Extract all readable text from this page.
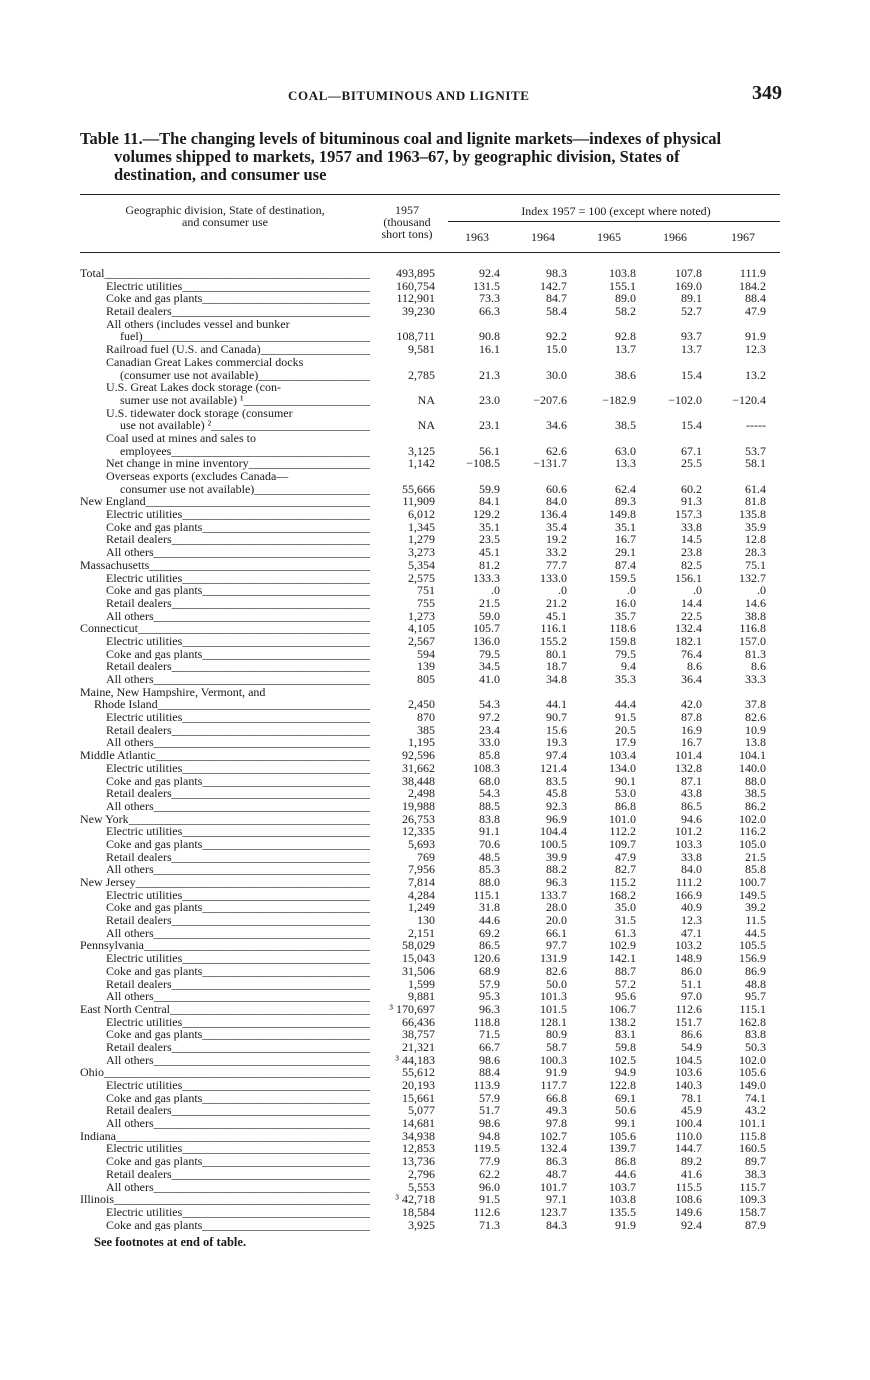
COAL—BITUMINOUS AND LIGNITE	349
Table 11.—The changing levels of bituminous coal and lignite markets—indexes of physical
volumes shipped to markets, 1957 and 1963–67, by geographic division, States of
destination, and consumer use
Geographic division, State of destination,
and consumer use
1957
(thousand
short tons)
Index 1957 = 100 (except where noted)
1963	1964	1965	1966	1967
Total _____	493,895	92.4	98.3	103.8	107.8	111.9
Electric utilities _____	160,754	131.5	142.7	155.1	169.0	184.2
Coke and gas plants _____	112,901	73.3	84.7	89.0	89.1	88.4
Retail dealers _____	39,230	66.3	58.4	58.2	52.7	47.9
All others (includes vessel and bunker
fuel) _____	108,711	90.8	92.2	92.8	93.7	91.9
Railroad fuel (U.S. and Canada) _____	9,581	16.1	15.0	13.7	13.7	12.3
Canadian Great Lakes commercial docks
(consumer use not available) _____	2,785	21.3	30.0	38.6	15.4	13.2
U.S. Great Lakes dock storage (con-
sumer use not available) ¹ _____	NA	23.0	−207.6	−182.9	−102.0	−120.4
U.S. tidewater dock storage (consumer
use not available) ² _____	NA	23.1	34.6	38.5	15.4	-----
Coal used at mines and sales to
employees _____	3,125	56.1	62.6	63.0	67.1	53.7
Net change in mine inventory _____	1,142	−108.5	−131.7	13.3	25.5	58.1
Overseas exports (excludes Canada—
consumer use not available) _____	55,666	59.9	60.6	62.4	60.2	61.4
New England _____	11,909	84.1	84.0	89.3	91.3	81.8
Electric utilities _____	6,012	129.2	136.4	149.8	157.3	135.8
Coke and gas plants _____	1,345	35.1	35.4	35.1	33.8	35.9
Retail dealers _____	1,279	23.5	19.2	16.7	14.5	12.8
All others _____	3,273	45.1	33.2	29.1	23.8	28.3
Massachusetts _____	5,354	81.2	77.7	87.4	82.5	75.1
Electric utilities _____	2,575	133.3	133.0	159.5	156.1	132.7
Coke and gas plants _____	751	.0	.0	.0	.0	.0
Retail dealers _____	755	21.5	21.2	16.0	14.4	14.6
All others _____	1,273	59.0	45.1	35.7	22.5	38.8
Connecticut _____	4,105	105.7	116.1	118.6	132.4	116.8
Electric utilities _____	2,567	136.0	155.2	159.8	182.1	157.0
Coke and gas plants _____	594	79.5	80.1	79.5	76.4	81.3
Retail dealers _____	139	34.5	18.7	9.4	8.6	8.6
All others _____	805	41.0	34.8	35.3	36.4	33.3
Maine, New Hampshire, Vermont, and
Rhode Island _____	2,450	54.3	44.1	44.4	42.0	37.8
Electric utilities _____	870	97.2	90.7	91.5	87.8	82.6
Retail dealers _____	385	23.4	15.6	20.5	16.9	10.9
All others _____	1,195	33.0	19.3	17.9	16.7	13.8
Middle Atlantic _____	92,596	85.8	97.4	103.4	101.4	104.1
Electric utilities _____	31,662	108.3	121.4	134.0	132.8	140.0
Coke and gas plants _____	38,448	68.0	83.5	90.1	87.1	88.0
Retail dealers _____	2,498	54.3	45.8	53.0	43.8	38.5
All others _____	19,988	88.5	92.3	86.8	86.5	86.2
New York _____	26,753	83.8	96.9	101.0	94.6	102.0
Electric utilities _____	12,335	91.1	104.4	112.2	101.2	116.2
Coke and gas plants _____	5,693	70.6	100.5	109.7	103.3	105.0
Retail dealers _____	769	48.5	39.9	47.9	33.8	21.5
All others _____	7,956	85.3	88.2	82.7	84.0	85.8
New Jersey _____	7,814	88.0	96.3	115.2	111.2	100.7
Electric utilities _____	4,284	115.1	133.7	168.2	166.9	149.5
Coke and gas plants _____	1,249	31.8	28.0	35.0	40.9	39.2
Retail dealers _____	130	44.6	20.0	31.5	12.3	11.5
All others _____	2,151	69.2	66.1	61.3	47.1	44.5
Pennsylvania _____	58,029	86.5	97.7	102.9	103.2	105.5
Electric utilities _____	15,043	120.6	131.9	142.1	148.9	156.9
Coke and gas plants _____	31,506	68.9	82.6	88.7	86.0	86.9
Retail dealers _____	1,599	57.9	50.0	57.2	51.1	48.8
All others _____	9,881	95.3	101.3	95.6	97.0	95.7
East North Central _____	³ 170,697	96.3	101.5	106.7	112.6	115.1
Electric utilities _____	66,436	118.8	128.1	138.2	151.7	162.8
Coke and gas plants _____	38,757	71.5	80.9	83.1	86.6	83.8
Retail dealers _____	21,321	66.7	58.7	59.8	54.9	50.3
All others _____	³ 44,183	98.6	100.3	102.5	104.5	102.0
Ohio _____	55,612	88.4	91.9	94.9	103.6	105.6
Electric utilities _____	20,193	113.9	117.7	122.8	140.3	149.0
Coke and gas plants _____	15,661	57.9	66.8	69.1	78.1	74.1
Retail dealers _____	5,077	51.7	49.3	50.6	45.9	43.2
All others _____	14,681	98.6	97.8	99.1	100.4	101.1
Indiana _____	34,938	94.8	102.7	105.6	110.0	115.8
Electric utilities _____	12,853	119.5	132.4	139.7	144.7	160.5
Coke and gas plants _____	13,736	77.9	86.3	86.8	89.2	89.7
Retail dealers _____	2,796	62.2	48.7	44.6	41.6	38.3
All others _____	5,553	96.0	101.7	103.7	115.5	115.7
Illinois _____	³ 42,718	91.5	97.1	103.8	108.6	109.3
Electric utilities _____	18,584	112.6	123.7	135.5	149.6	158.7
Coke and gas plants _____	3,925	71.3	84.3	91.9	92.4	87.9
See footnotes at end of table.
